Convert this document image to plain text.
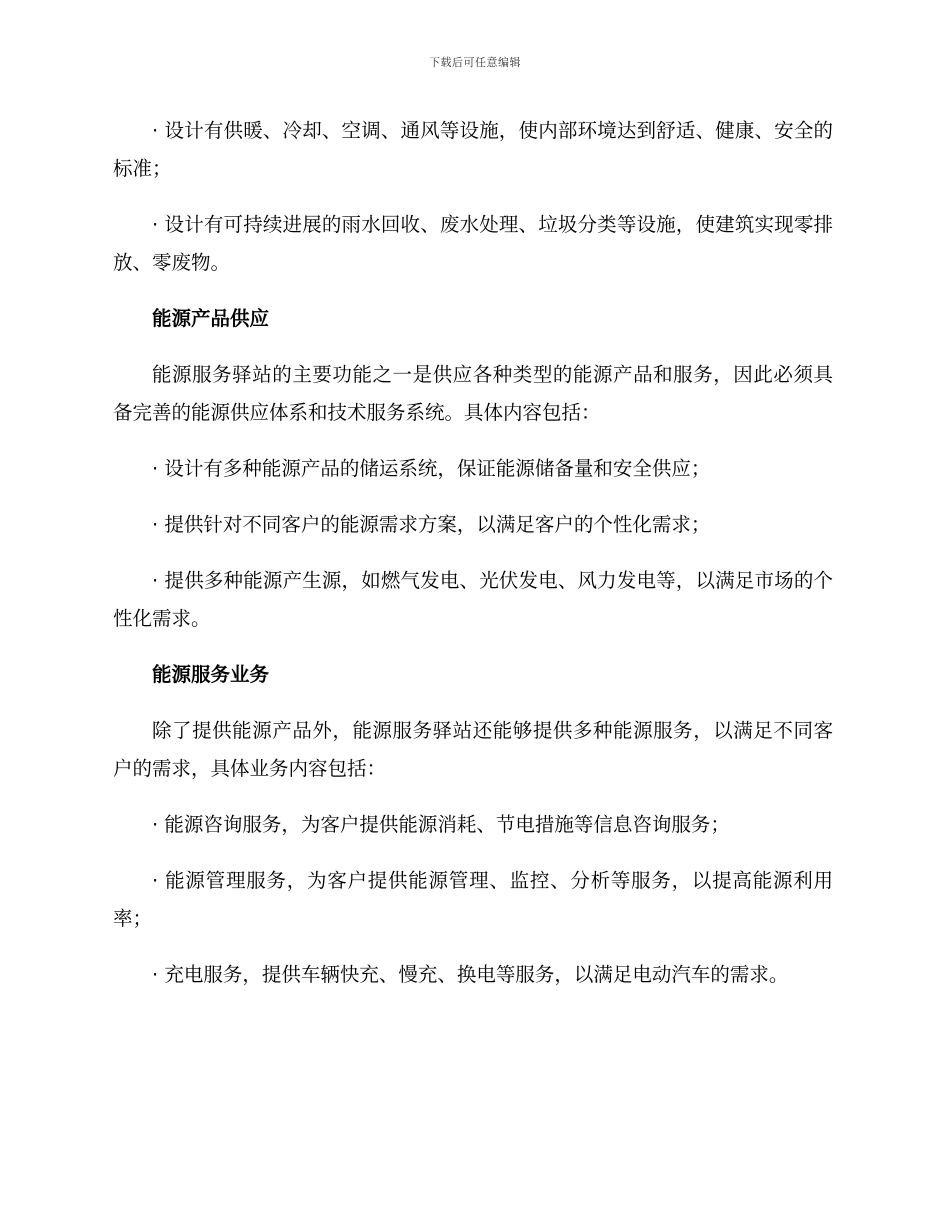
下载后可任意编辑

· 设计有供暖、冷却、空调、通风等设施，使内部环境达到舒适、健康、安全的标准；

· 设计有可持续进展的雨水回收、废水处理、垃圾分类等设施，使建筑实现零排放、零废物。

能源产品供应

能源服务驿站的主要功能之一是供应各种类型的能源产品和服务，因此必须具备完善的能源供应体系和技术服务系统。具体内容包括：

· 设计有多种能源产品的储运系统，保证能源储备量和安全供应；

· 提供针对不同客户的能源需求方案，以满足客户的个性化需求；

· 提供多种能源产生源，如燃气发电、光伏发电、风力发电等，以满足市场的个性化需求。

能源服务业务

除了提供能源产品外，能源服务驿站还能够提供多种能源服务，以满足不同客户的需求，具体业务内容包括：

· 能源咨询服务，为客户提供能源消耗、节电措施等信息咨询服务；

· 能源管理服务，为客户提供能源管理、监控、分析等服务，以提高能源利用率；

· 充电服务，提供车辆快充、慢充、换电等服务，以满足电动汽车的需求。
